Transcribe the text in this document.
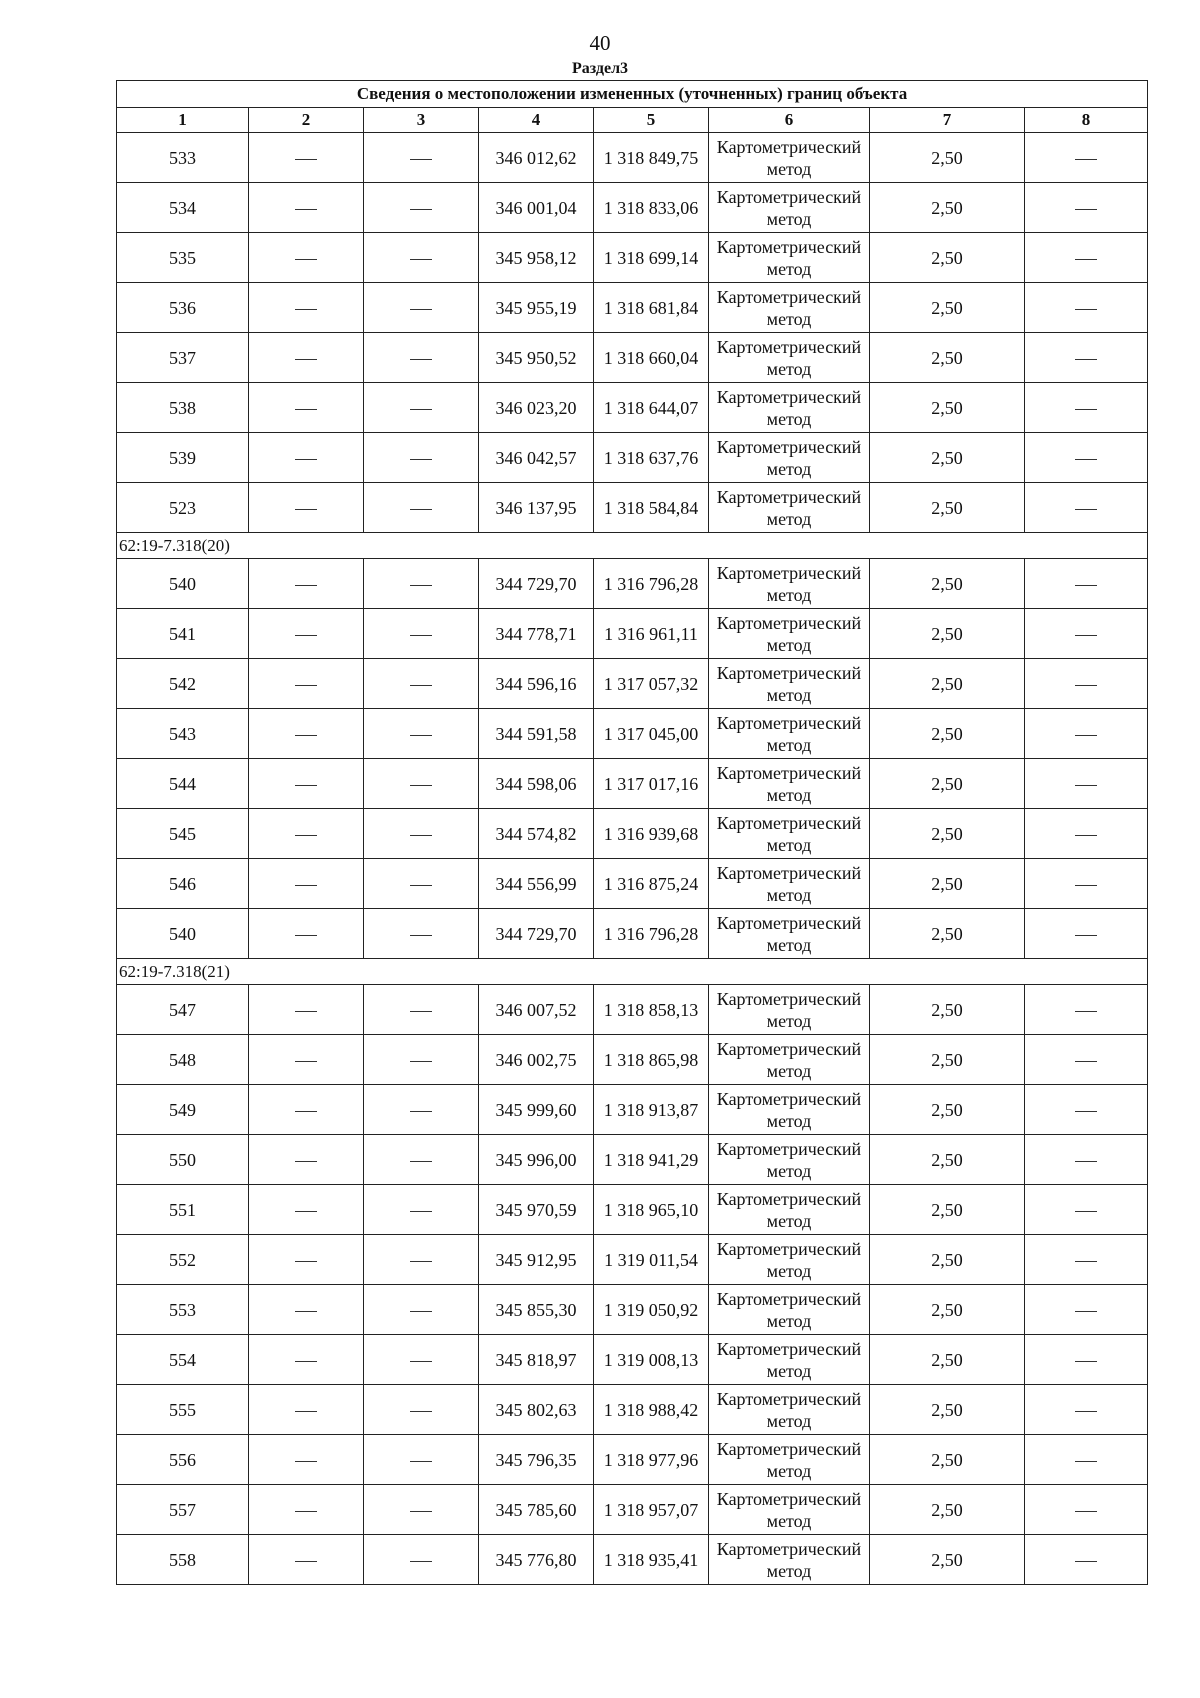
40
Раздел3
Сведения о местоположении измененных (уточненных) границ объекта							
1	2	3	4	5	6	7	8
533			346 012,62	1 318 849,75	Картометрический метод	2,50	
534			346 001,04	1 318 833,06	Картометрический метод	2,50	
535			345 958,12	1 318 699,14	Картометрический метод	2,50	
536			345 955,19	1 318 681,84	Картометрический метод	2,50	
537			345 950,52	1 318 660,04	Картометрический метод	2,50	
538			346 023,20	1 318 644,07	Картометрический метод	2,50	
539			346 042,57	1 318 637,76	Картометрический метод	2,50	
523			346 137,95	1 318 584,84	Картометрический метод	2,50	
62:19-7.318(20)							
540			344 729,70	1 316 796,28	Картометрический метод	2,50	
541			344 778,71	1 316 961,11	Картометрический метод	2,50	
542			344 596,16	1 317 057,32	Картометрический метод	2,50	
543			344 591,58	1 317 045,00	Картометрический метод	2,50	
544			344 598,06	1 317 017,16	Картометрический метод	2,50	
545			344 574,82	1 316 939,68	Картометрический метод	2,50	
546			344 556,99	1 316 875,24	Картометрический метод	2,50	
540			344 729,70	1 316 796,28	Картометрический метод	2,50	
62:19-7.318(21)							
547			346 007,52	1 318 858,13	Картометрический метод	2,50	
548			346 002,75	1 318 865,98	Картометрический метод	2,50	
549			345 999,60	1 318 913,87	Картометрический метод	2,50	
550			345 996,00	1 318 941,29	Картометрический метод	2,50	
551			345 970,59	1 318 965,10	Картометрический метод	2,50	
552			345 912,95	1 319 011,54	Картометрический метод	2,50	
553			345 855,30	1 319 050,92	Картометрический метод	2,50	
554			345 818,97	1 319 008,13	Картометрический метод	2,50	
555			345 802,63	1 318 988,42	Картометрический метод	2,50	
556			345 796,35	1 318 977,96	Картометрический метод	2,50	
557			345 785,60	1 318 957,07	Картометрический метод	2,50	
558			345 776,80	1 318 935,41	Картометрический метод	2,50	
